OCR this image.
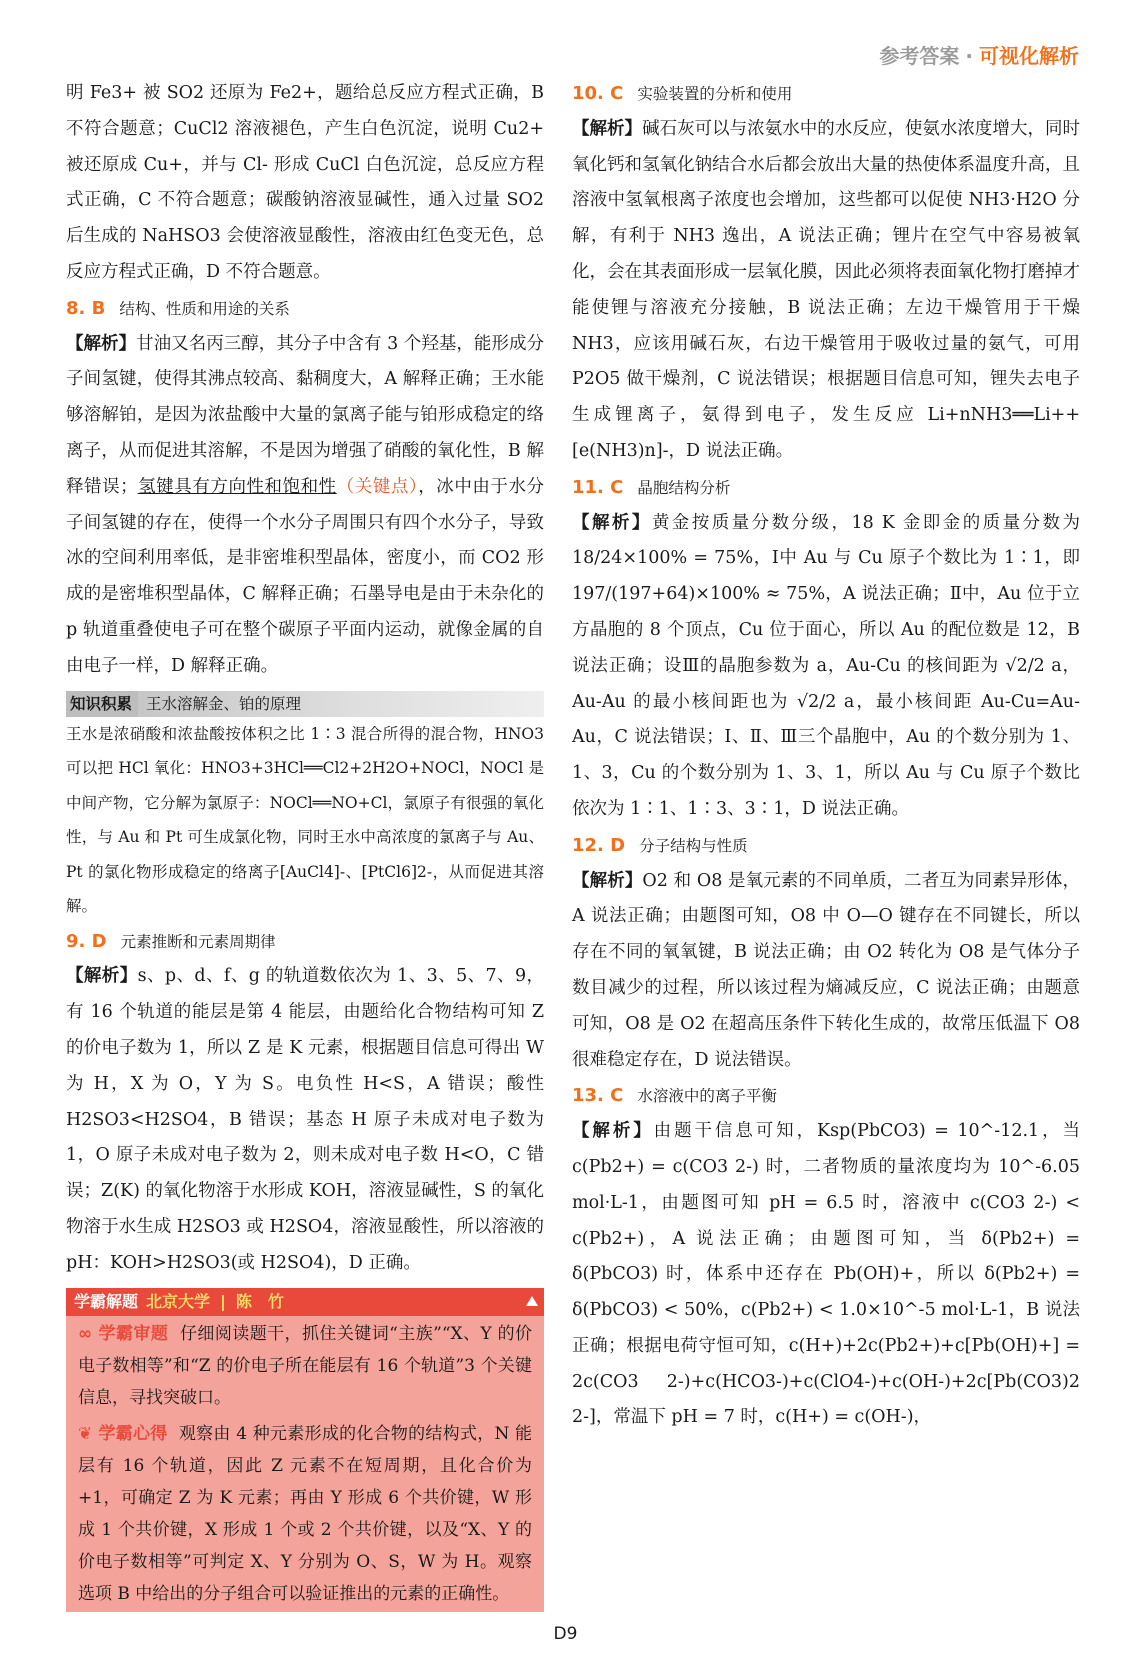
参考答案 · 可视化解析

明 Fe3+ 被 SO2 还原为 Fe2+，题给总反应方程式正确，B 不符合题意；CuCl2 溶液褪色，产生白色沉淀，说明 Cu2+ 被还原成 Cu+，并与 Cl- 形成 CuCl 白色沉淀，总反应方程式正确，C 不符合题意；碳酸钠溶液显碱性，通入过量 SO2 后生成的 NaHSO3 会使溶液显酸性，溶液由红色变无色，总反应方程式正确，D 不符合题意。

8. B 结构、性质和用途的关系

【解析】甘油又名丙三醇，其分子中含有 3 个羟基，能形成分子间氢键，使得其沸点较高、黏稠度大，A 解释正确；王水能够溶解铂，是因为浓盐酸中大量的氯离子能与铂形成稳定的络离子，从而促进其溶解，不是因为增强了硝酸的氧化性，B 解释错误；氢键具有方向性和饱和性（关键点），冰中由于水分子间氢键的存在，使得一个水分子周围只有四个水分子，导致冰的空间利用率低，是非密堆积型晶体，密度小，而 CO2 形成的是密堆积型晶体，C 解释正确；石墨导电是由于未杂化的 p 轨道重叠使电子可在整个碳原子平面内运动，就像金属的自由电子一样，D 解释正确。

知识积累 王水溶解金、铂的原理

王水是浓硝酸和浓盐酸按体积之比 1∶3 混合所得的混合物，HNO3 可以把 HCl 氧化：HNO3+3HCl══Cl2+2H2O+NOCl，NOCl 是中间产物，它分解为氯原子：NOCl══NO+Cl，氯原子有很强的氧化性，与 Au 和 Pt 可生成氯化物，同时王水中高浓度的氯离子与 Au、Pt 的氯化物形成稳定的络离子[AuCl4]-、[PtCl6]2-，从而促进其溶解。

9. D 元素推断和元素周期律

【解析】s、p、d、f、g 的轨道数依次为 1、3、5、7、9，有 16 个轨道的能层是第 4 能层，由题给化合物结构可知 Z 的价电子数为 1，所以 Z 是 K 元素，根据题目信息可得出 W 为 H，X 为 O，Y 为 S。电负性 H<S，A 错误；酸性 H2SO3<H2SO4，B 错误；基态 H 原子未成对电子数为 1，O 原子未成对电子数为 2，则未成对电子数 H<O，C 错误；Z(K) 的氧化物溶于水形成 KOH，溶液显碱性，S 的氧化物溶于水生成 H2SO3 或 H2SO4，溶液显酸性，所以溶液的 pH：KOH>H2SO3(或 H2SO4)，D 正确。

学霸解题 北京大学 | 陈　竹

∞ 学霸审题 仔细阅读题干，抓住关键词“主族”“X、Y 的价电子数相等”和“Z 的价电子所在能层有 16 个轨道”3 个关键信息，寻找突破口。

❦ 学霸心得 观察由 4 种元素形成的化合物的结构式，N 能层有 16 个轨道，因此 Z 元素不在短周期，且化合价为+1，可确定 Z 为 K 元素；再由 Y 形成 6 个共价键，W 形成 1 个共价键，X 形成 1 个或 2 个共价键，以及“X、Y 的价电子数相等”可判定 X、Y 分别为 O、S，W 为 H。观察选项 B 中给出的分子组合可以验证推出的元素的正确性。

10. C 实验装置的分析和使用

【解析】碱石灰可以与浓氨水中的水反应，使氨水浓度增大，同时氧化钙和氢氧化钠结合水后都会放出大量的热使体系温度升高，且溶液中氢氧根离子浓度也会增加，这些都可以促使 NH3·H2O 分解，有利于 NH3 逸出，A 说法正确；锂片在空气中容易被氧化，会在其表面形成一层氧化膜，因此必须将表面氧化物打磨掉才能使锂与溶液充分接触，B 说法正确；左边干燥管用于干燥 NH3，应该用碱石灰，右边干燥管用于吸收过量的氨气，可用 P2O5 做干燥剂，C 说法错误；根据题目信息可知，锂失去电子生成锂离子，氨得到电子，发生反应 Li+nNH3══Li++[e(NH3)n]-，D 说法正确。

11. C 晶胞结构分析

【解析】黄金按质量分数分级，18 K 金即金的质量分数为 18/24×100% = 75%，Ⅰ中 Au 与 Cu 原子个数比为 1∶1，即 197/(197+64)×100% ≈ 75%，A 说法正确；Ⅱ中，Au 位于立方晶胞的 8 个顶点，Cu 位于面心，所以 Au 的配位数是 12，B 说法正确；设Ⅲ的晶胞参数为 a，Au-Cu 的核间距为 √2/2 a，Au-Au 的最小核间距也为 √2/2 a，最小核间距 Au-Cu=Au-Au，C 说法错误；Ⅰ、Ⅱ、Ⅲ三个晶胞中，Au 的个数分别为 1、1、3，Cu 的个数分别为 1、3、1，所以 Au 与 Cu 原子个数比依次为 1∶1、1∶3、3∶1，D 说法正确。

12. D 分子结构与性质

【解析】O2 和 O8 是氧元素的不同单质，二者互为同素异形体，A 说法正确；由题图可知，O8 中 O—O 键存在不同键长，所以存在不同的氧氧键，B 说法正确；由 O2 转化为 O8 是气体分子数目减少的过程，所以该过程为熵减反应，C 说法正确；由题意可知，O8 是 O2 在超高压条件下转化生成的，故常压低温下 O8 很难稳定存在，D 说法错误。

13. C 水溶液中的离子平衡

【解析】由题干信息可知，Ksp(PbCO3) = 10^-12.1，当 c(Pb2+) = c(CO3 2-) 时，二者物质的量浓度均为 10^-6.05 mol·L-1，由题图可知 pH = 6.5 时，溶液中 c(CO3 2-) < c(Pb2+)，A 说法正确；由题图可知，当 δ(Pb2+) = δ(PbCO3) 时，体系中还存在 Pb(OH)+，所以 δ(Pb2+) = δ(PbCO3) < 50%，c(Pb2+) < 1.0×10^-5 mol·L-1，B 说法正确；根据电荷守恒可知，c(H+)+2c(Pb2+)+c[Pb(OH)+] = 2c(CO3 2-)+c(HCO3-)+c(ClO4-)+c(OH-)+2c[Pb(CO3)2 2-]，常温下 pH = 7 时，c(H+) = c(OH-)，

D9
